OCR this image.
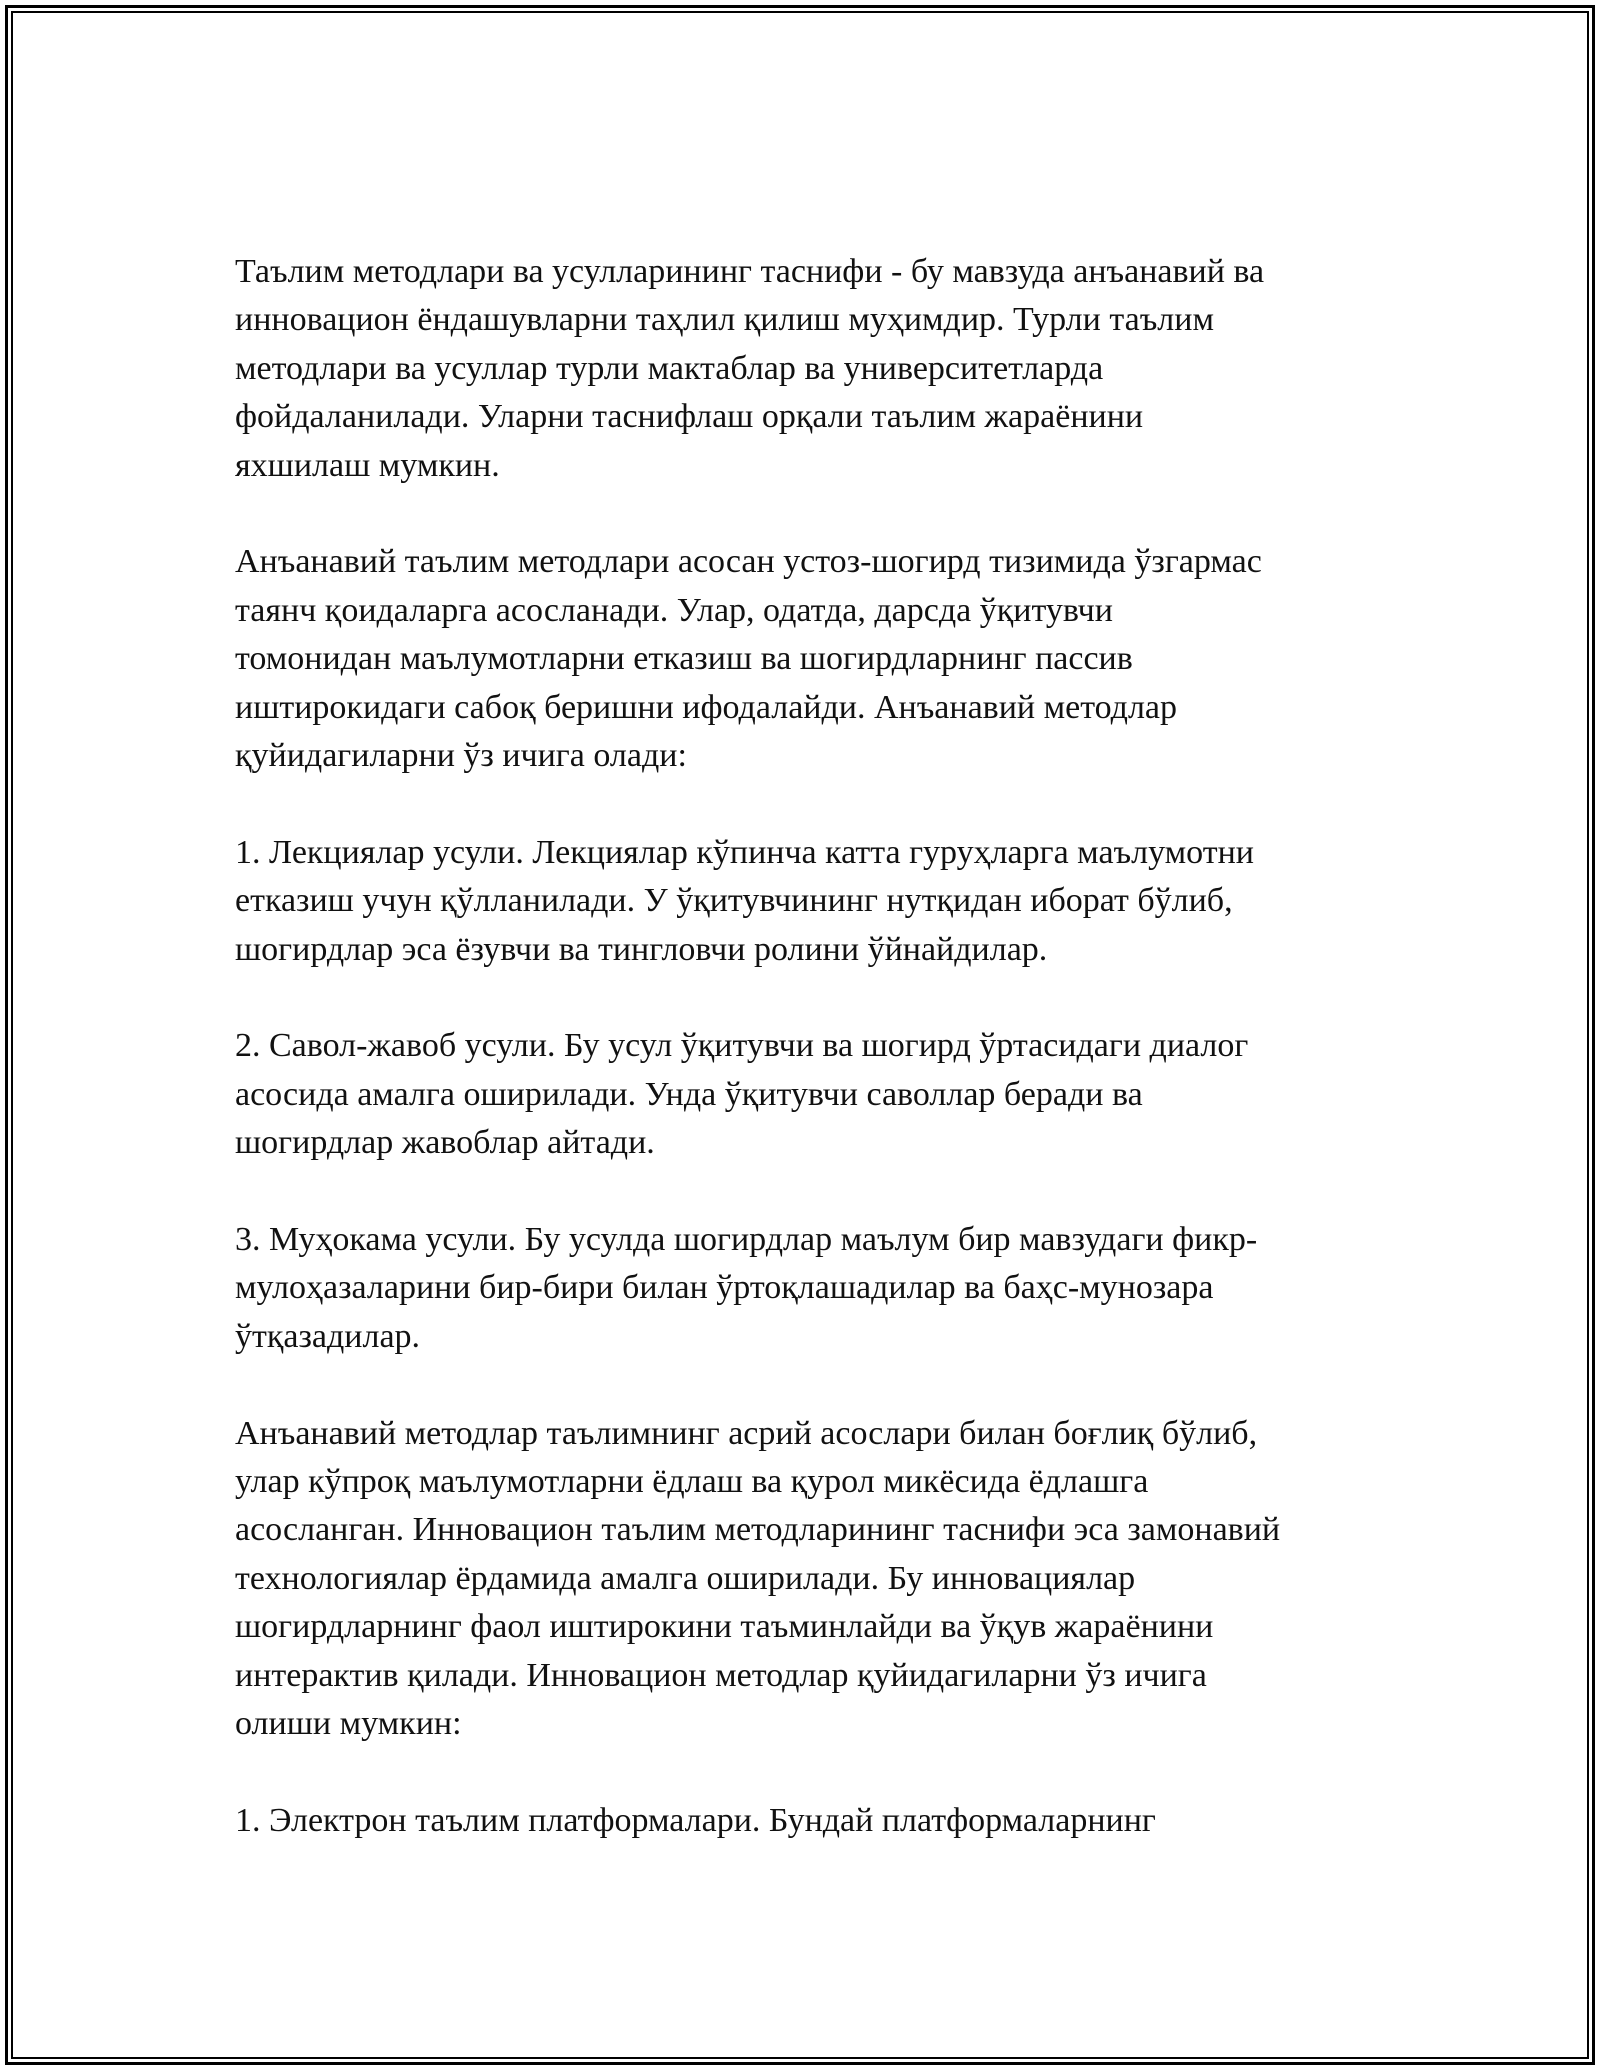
Таълим методлари ва усулларининг таснифи - бу мавзуда анъанавий ва
инновацион ёндашувларни таҳлил қилиш муҳимдир. Турли таълим
методлари ва усуллар турли мактаблар ва университетларда
фойдаланилади. Уларни таснифлаш орқали таълим жараёнини
яхшилаш мумкин.

Анъанавий таълим методлари асосан устоз-шогирд тизимида ўзгармас
таянч қоидаларга асосланади. Улар, одатда, дарсда ўқитувчи
томонидан маълумотларни етказиш ва шогирдларнинг пассив
иштирокидаги сабоқ беришни ифодалайди. Анъанавий методлар
қуйидагиларни ўз ичига олади:

1. Лекциялар усули. Лекциялар кўпинча катта гуруҳларга маълумотни
етказиш учун қўлланилади. У ўқитувчининг нутқидан иборат бўлиб,
шогирдлар эса ёзувчи ва тингловчи ролини ўйнайдилар.

2. Савол-жавоб усули. Бу усул ўқитувчи ва шогирд ўртасидаги диалог
асосида амалга оширилади. Унда ўқитувчи саволлар беради ва
шогирдлар жавоблар айтади.

3. Муҳокама усули. Бу усулда шогирдлар маълум бир мавзудаги фикр-
мулоҳазаларини бир-бири билан ўртоқлашадилар ва баҳс-мунозара
ўтқазадилар.

Анъанавий методлар таълимнинг асрий асослари билан боғлиқ бўлиб,
улар кўпроқ маълумотларни ёдлаш ва қурол микёсида ёдлашга
асосланган. Инновацион таълим методларининг таснифи эса замонавий
технологиялар ёрдамида амалга оширилади. Бу инновациялар
шогирдларнинг фаол иштирокини таъминлайди ва ўқув жараёнини
интерактив қилади. Инновацион методлар қуйидагиларни ўз ичига
олиши мумкин:

1. Электрон таълим платформалари. Бундай платформаларнинг
